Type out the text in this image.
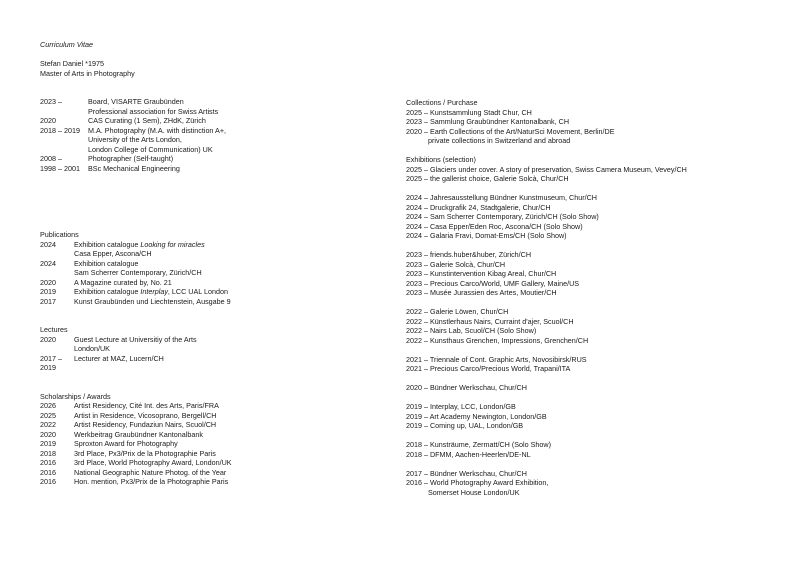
Curriculum Vitae
Stefan Daniel *1975
Master of Arts in Photography
2023 –	Board, VISARTE Graubünden
Professional association for Swiss Artists
2020	CAS Curating (1 Sem), ZHdK, Zürich
2018 – 2019	M.A. Photography (M.A. with distinction A+,
University of the Arts London,
London College of Communication) UK
2008 –	Photographer (Self-taught)
1998 – 2001	BSc Mechanical Engineering
Publications
2024	Exhibition catalogue Looking for miracles
Casa Epper, Ascona/CH
2024	Exhibition catalogue
Sam Scherrer Contemporary, Zürich/CH
2020	A Magazine curated by, No. 21
2019	Exhibition catalogue Interplay, LCC UAL London
2017	Kunst Graubünden und Liechtenstein, Ausgabe 9
Lectures
2020	Guest Lecture at Universitiy of the Arts
London/UK
2017 –	Lecturer at MAZ, Lucern/CH
2019
Scholarships / Awards
2026	Artist Residency, Cité Int. des Arts, Paris/FRA
2025	Artist in Residence, Vicosoprano, Bergell/CH
2022	Artist Residency, Fundaziun Nairs, Scuol/CH
2020	Werkbeitrag Graubündner Kantonalbank
2019	Sproxton Award for Photography
2018	3rd Place, Px3/Prix de la Photographie Paris
2016	3rd Place, World Photography Award, London/UK
2016	National Geographic Nature Photog. of the Year
2016	Hon. mention, Px3/Prix de la Photographie Paris
Collections / Purchase
2025 – Kunstsammlung Stadt Chur, CH
2023 – Sammlung Graubündner Kantonalbank, CH
2020 – Earth Collections of the Art/NaturSci Movement, Berlin/DE
private collections in Switzerland and abroad
Exhibitions (selection)
2025 – Glaciers under cover. A story of preservation, Swiss Camera Museum, Vevey/CH
2025 – the gallerist choice, Galerie Solcà, Chur/CH
2024 – Jahresausstellung Bündner Kunstmuseum, Chur/CH
2024 – Druckgrafik 24, Stadtgalerie, Chur/CH
2024 – Sam Scherrer Contemporary, Zürich/CH (Solo Show)
2024 – Casa Epper/Eden Roc, Ascona/CH (Solo Show)
2024 – Galaria Fravi, Domat-Ems/CH (Solo Show)
2023 – friends.huber&huber, Zürich/CH
2023 – Galerie Solcà, Chur/CH
2023 – Kunstintervention Kibag Areal, Chur/CH
2023 – Precious Carco/World, UMF Gallery, Maine/US
2023 – Musée Jurassien des Artes, Moutier/CH
2022 – Galerie Löwen, Chur/CH
2022 – Künstlerhaus Nairs, Curraint d'ajer, Scuol/CH
2022 – Nairs Lab, Scuol/CH (Solo Show)
2022 – Kunsthaus Grenchen, Impressions, Grenchen/CH
2021 – Triennale of Cont. Graphic Arts, Novosibirsk/RUS
2021 – Precious Carco/Precious World, Trapani/ITA
2020 – Bündner Werkschau, Chur/CH
2019 – Interplay, LCC, London/GB
2019 – Art Academy Newington, London/GB
2019 – Coming up, UAL, London/GB
2018 – Kunsträume, Zermatt/CH (Solo Show)
2018 – DFMM, Aachen-Heerlen/DE-NL
2017 – Bündner Werkschau, Chur/CH
2016 – World Photography Award Exhibition,
Somerset House London/UK
